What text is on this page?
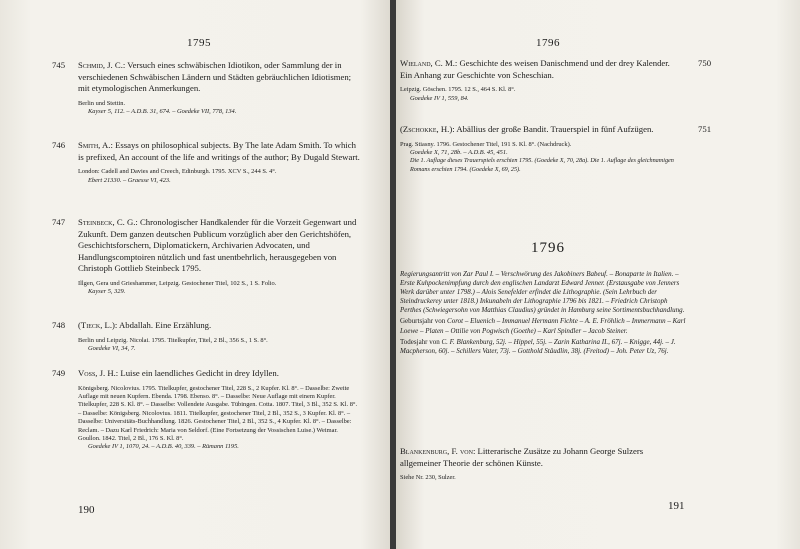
1795
745 Schmid, J. C.: Versuch eines schwäbischen Idiotikon, oder Sammlung der in verschiedenen Schwäbischen Ländern und Städten gebräuchlichen Idiotismen; mit etymologischen Anmerkungen.
Berlin und Stettin.
Kayser 5, 112. – A.D.B. 31, 674. – Goedeke VII, 778, 134.
746 Smith, A.: Essays on philosophical subjects. By The late Adam Smith. To which is prefixed, An account of the life and writings of the author; By Dugald Stewart.
London: Cadell and Davies and Creech, Edinburgh. 1795. XCV S., 244 S. 4°.
Ebert 21330. – Graesse VI, 423.
747 Steinbeck, C. G.: Chronologischer Handkalender für die Vorzeit Gegenwart und Zukunft. Dem ganzen deutschen Publicum vorzüglich aber den Gerichtshöfen, Geschichtsforschern, Diplomatickern, Archivarien Advocaten, und Handlungscomptoiren nützlich und fast unentbehrlich, herausgegeben von Christoph Gottlieb Steinbeck 1795.
Illgen, Gera und Grieshammer, Leipzig. Gestochener Titel, 102 S., 1 S. Folio.
Kayser 5, 329.
748 (Tieck, L.): Abdallah. Eine Erzählung.
Berlin und Leipzig. Nicolai. 1795. Titelkupfer, Titel, 2 Bl., 356 S., 1 S. 8°.
Goedeke VI, 34, 7.
749 Voss, J. H.: Luise ein laendliches Gedicht in drey Idyllen.
Königsberg. Nicolovius. 1795. Titelkupfer, gestochener Titel, 228 S., 2 Kupfer. Kl. 8°. – Dasselbe: Zweite Auflage mit neuen Kupfern. Ebenda. 1798. Ebenso. 8°. – Dasselbe: Neue Auflage mit einem Kupfer. Titelkupfer, 228 S. Kl. 8°. – Dasselbe: Vollendete Ausgabe. Tübingen. Cotta. 1807. Titel, 3 Bl., 352 S. Kl. 8°. – Dasselbe: Königsberg. Nicolovius. 1811. Titelkupfer, gestochener Titel, 2 Bl., 352 S., 3 Kupfer. Kl. 8°. – Dasselbe: Universitäts-Buchhandlung. 1826. Gestochener Titel, 2 Bl., 352 S., 4 Kupfer. Kl. 8°. – Dasselbe: Reclam. – Dazu Karl Friedrich: Maria von Seldorf. (Eine Fortsetzung der Vossischen Luise.) Weimar. Goullon. 1842. Titel, 2 Bl., 176 S. Kl. 8°.
Goedeke IV 1, 1070, 24. – A.D.B. 40, 339. – Rümann 1195.
190
1796
750
Wieland, C. M.: Geschichte des weisen Danischmend und der drey Kalender. Ein Anhang zur Geschichte von Scheschian.
Leipzig. Göschen. 1795. 12 S., 464 S. Kl. 8°.
Goedeke IV 1, 559, 84.
751
(Zschokke, H.): Abällius der große Bandit. Trauerspiel in fünf Aufzügen.
Prag. Stiasny. 1796. Gestochener Titel, 191 S. Kl. 8°. (Nachdruck).
Goedeke X, 71, 28b. – A.D.B. 45, 451.
Die 1. Auflage dieses Trauerspiels erschien 1795. (Goedeke X, 70, 28a). Die 1. Auflage des gleichnamigen Romans erschien 1794. (Goedeke X, 69, 25).
1796

Regierungsantritt von Zar Paul I. – Verschwörung des Jakobiners Babeuf. – Bonaparte in Italien. – Erste Kuhpockenimpfung durch den englischen Landarzt Edward Jenner. (Erstausgabe von Jenners Werk darüber unter 1798.) – Alois Senefelder erfindet die Lithographie. (Sein Lehrbuch der Steindruckerey unter 1818.) Inkunabeln der Lithographie 1796 bis 1821. – Friedrich Christoph Perthes (Schwiegersohn von Matthias Claudius) gründet in Hamburg seine Sortimentsbuchhandlung.

Geburtsjahr von Corot – Eluenich – Immanuel Hermann Fichte – A. E. Fröhlich – Immermann – Karl Loewe – Platen – Ottilie von Pogwisch (Goethe) – Karl Spindler – Jacob Steiner.

Todesjahr von C. F. Blankenburg, 52j. – Hippel, 55j. – Zarin Katharina II., 67j. – Knigge, 44j. – J. Macpherson, 60j. – Schillers Vater, 73j. – Gotthold Stäudlin, 38j. (Freitod) – Joh. Peter Uz, 76j.

Blankenburg, F. von: Litterarische Zusätze zu Johann George Sulzers allgemeiner Theorie der schönen Künste.
Siehe Nr. 230, Sulzer.
191
